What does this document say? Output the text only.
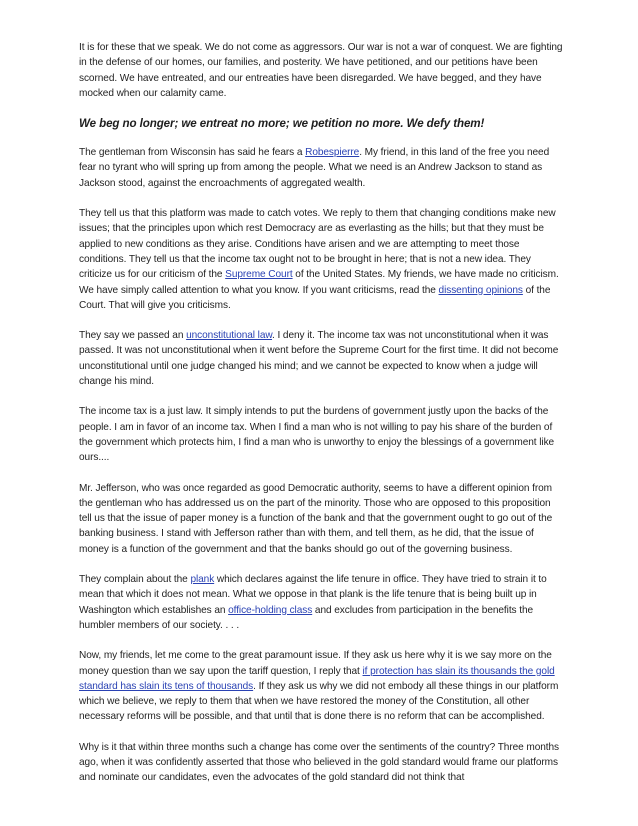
It is for these that we speak. We do not come as aggressors. Our war is not a war of conquest. We are fighting in the defense of our homes, our families, and posterity. We have petitioned, and our petitions have been scorned. We have entreated, and our entreaties have been disregarded. We have begged, and they have mocked when our calamity came.

We beg no longer; we entreat no more; we petition no more. We defy them!

The gentleman from Wisconsin has said he fears a Robespierre. My friend, in this land of the free you need fear no tyrant who will spring up from among the people. What we need is an Andrew Jackson to stand as Jackson stood, against the encroachments of aggregated wealth.

They tell us that this platform was made to catch votes. We reply to them that changing conditions make new issues; that the principles upon which rest Democracy are as everlasting as the hills; but that they must be applied to new conditions as they arise. Conditions have arisen and we are attempting to meet those conditions. They tell us that the income tax ought not to be brought in here; that is not a new idea. They criticize us for our criticism of the Supreme Court of the United States. My friends, we have made no criticism. We have simply called attention to what you know. If you want criticisms, read the dissenting opinions of the Court. That will give you criticisms.

They say we passed an unconstitutional law. I deny it. The income tax was not unconstitutional when it was passed. It was not unconstitutional when it went before the Supreme Court for the first time. It did not become unconstitutional until one judge changed his mind; and we cannot be expected to know when a judge will change his mind.

The income tax is a just law. It simply intends to put the burdens of government justly upon the backs of the people. I am in favor of an income tax. When I find a man who is not willing to pay his share of the burden of the government which protects him, I find a man who is unworthy to enjoy the blessings of a government like ours....

Mr. Jefferson, who was once regarded as good Democratic authority, seems to have a different opinion from the gentleman who has addressed us on the part of the minority. Those who are opposed to this proposition tell us that the issue of paper money is a function of the bank and that the government ought to go out of the banking business. I stand with Jefferson rather than with them, and tell them, as he did, that the issue of money is a function of the government and that the banks should go out of the governing business.

They complain about the plank which declares against the life tenure in office. They have tried to strain it to mean that which it does not mean. What we oppose in that plank is the life tenure that is being built up in Washington which establishes an office-holding class and excludes from participation in the benefits the humbler members of our society. . . .

Now, my friends, let me come to the great paramount issue. If they ask us here why it is we say more on the money question than we say upon the tariff question, I reply that if protection has slain its thousands the gold standard has slain its tens of thousands. If they ask us why we did not embody all these things in our platform which we believe, we reply to them that when we have restored the money of the Constitution, all other necessary reforms will be possible, and that until that is done there is no reform that can be accomplished.

Why is it that within three months such a change has come over the sentiments of the country? Three months ago, when it was confidently asserted that those who believed in the gold standard would frame our platforms and nominate our candidates, even the advocates of the gold standard did not think that
